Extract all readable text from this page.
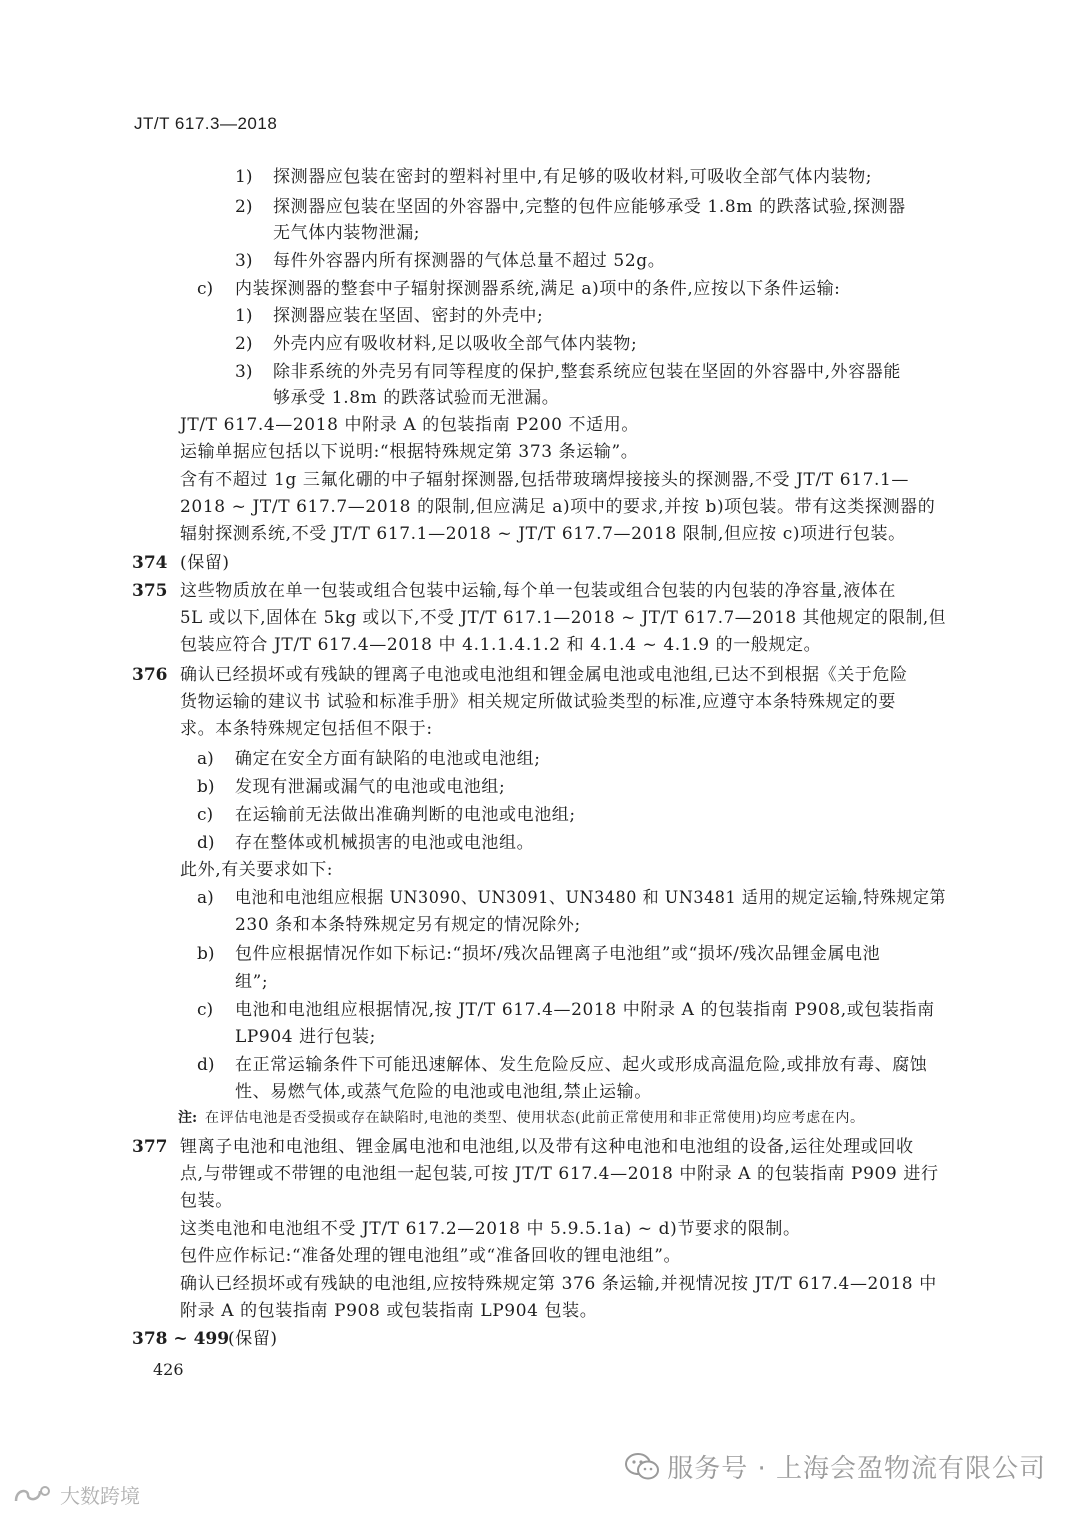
JT/T 617.3—2018
1) 探测器应包装在密封的塑料衬里中,有足够的吸收材料,可吸收全部气体内装物;
2) 探测器应包装在坚固的外容器中,完整的包件应能够承受 1.8m 的跌落试验,探测器
无气体内装物泄漏;
3) 每件外容器内所有探测器的气体总量不超过 52g。
c) 内装探测器的整套中子辐射探测器系统,满足 a)项中的条件,应按以下条件运输:
1) 探测器应装在坚固、密封的外壳中;
2) 外壳内应有吸收材料,足以吸收全部气体内装物;
3) 除非系统的外壳另有同等程度的保护,整套系统应包装在坚固的外容器中,外容器能
够承受 1.8m 的跌落试验而无泄漏。
JT/T 617.4—2018 中附录 A 的包装指南 P200 不适用。
运输单据应包括以下说明:“根据特殊规定第 373 条运输”。
含有不超过 1g 三氟化硼的中子辐射探测器,包括带玻璃焊接接头的探测器,不受 JT/T 617.1—
2018 ~ JT/T 617.7—2018 的限制,但应满足 a)项中的要求,并按 b)项包装。带有这类探测器的
辐射探测系统,不受 JT/T 617.1—2018 ~ JT/T 617.7—2018 限制,但应按 c)项进行包装。
374 (保留)
375 这些物质放在单一包装或组合包装中运输,每个单一包装或组合包装的内包装的净容量,液体在
5L 或以下,固体在 5kg 或以下,不受 JT/T 617.1—2018 ~ JT/T 617.7—2018 其他规定的限制,但
包装应符合 JT/T 617.4—2018 中 4.1.1.4.1.2 和 4.1.4 ~ 4.1.9 的一般规定。
376 确认已经损坏或有残缺的锂离子电池或电池组和锂金属电池或电池组,已达不到根据《关于危险
货物运输的建议书 试验和标准手册》相关规定所做试验类型的标准,应遵守本条特殊规定的要
求。本条特殊规定包括但不限于:
a) 确定在安全方面有缺陷的电池或电池组;
b) 发现有泄漏或漏气的电池或电池组;
c) 在运输前无法做出准确判断的电池或电池组;
d) 存在整体或机械损害的电池或电池组。
此外,有关要求如下:
a) 电池和电池组应根据 UN3090、UN3091、UN3480 和 UN3481 适用的规定运输,特殊规定第
230 条和本条特殊规定另有规定的情况除外;
b) 包件应根据情况作如下标记:“损坏/残次品锂离子电池组”或“损坏/残次品锂金属电池
组”;
c) 电池和电池组应根据情况,按 JT/T 617.4—2018 中附录 A 的包装指南 P908,或包装指南
LP904 进行包装;
d) 在正常运输条件下可能迅速解体、发生危险反应、起火或形成高温危险,或排放有毒、腐蚀
性、易燃气体,或蒸气危险的电池或电池组,禁止运输。
注: 在评估电池是否受损或存在缺陷时,电池的类型、使用状态(此前正常使用和非正常使用)均应考虑在内。
377 锂离子电池和电池组、锂金属电池和电池组,以及带有这种电池和电池组的设备,运往处理或回收
点,与带锂或不带锂的电池组一起包装,可按 JT/T 617.4—2018 中附录 A 的包装指南 P909 进行
包装。
这类电池和电池组不受 JT/T 617.2—2018 中 5.9.5.1a) ~ d)节要求的限制。
包件应作标记:“准备处理的锂电池组”或“准备回收的锂电池组”。
确认已经损坏或有残缺的电池组,应按特殊规定第 376 条运输,并视情况按 JT/T 617.4—2018 中
附录 A 的包装指南 P908 或包装指南 LP904 包装。
378 ~ 499
(保留)
426
服务号 · 上海会盈物流有限公司
大数跨境
